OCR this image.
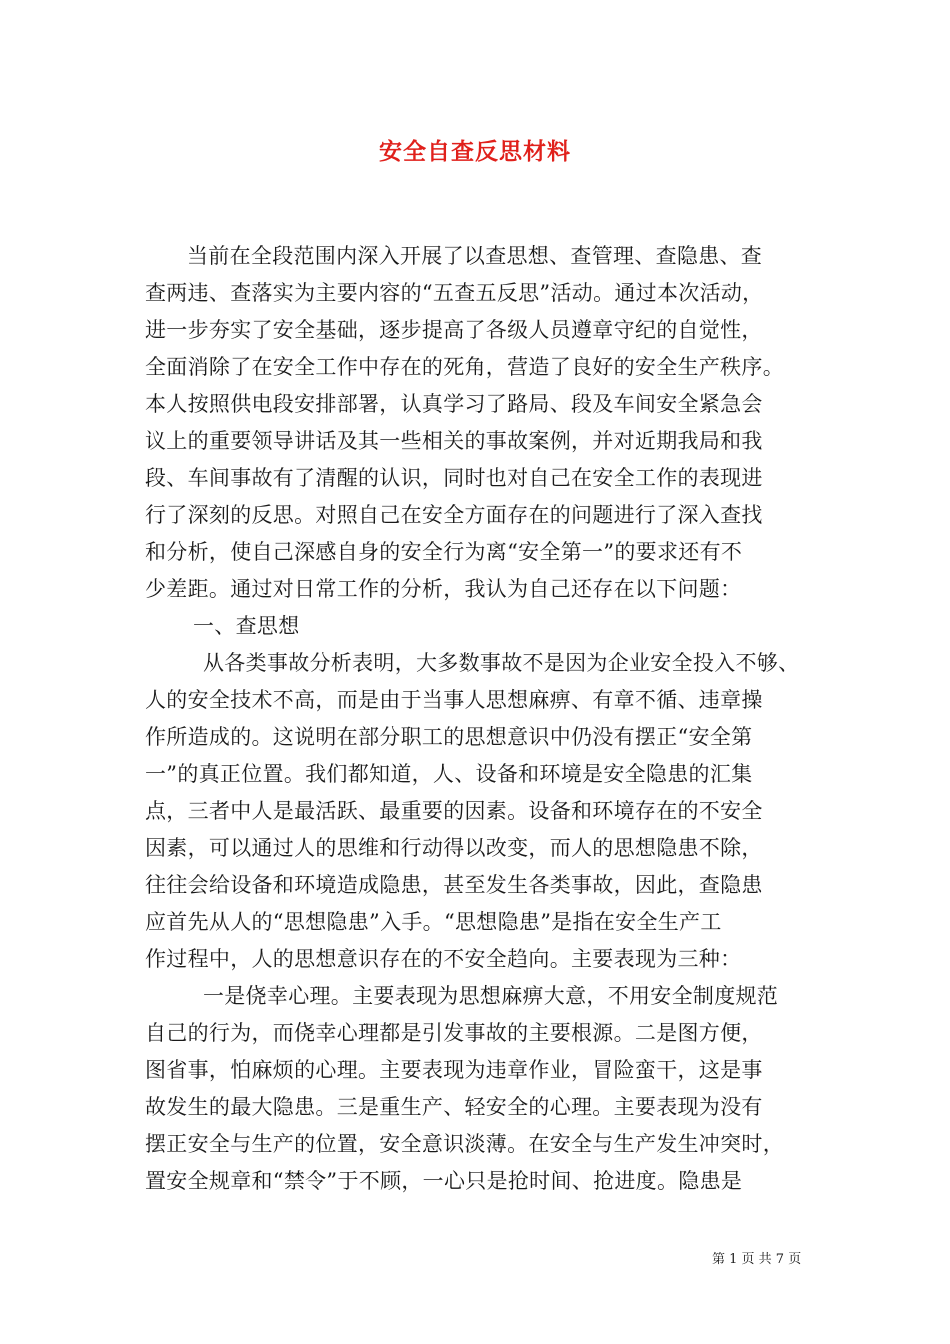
安全自查反思材料
当前在全段范围内深入开展了以查思想、查管理、查隐患、查
查两违、查落实为主要内容的“五查五反思”活动。通过本次活动，
进一步夯实了安全基础，逐步提高了各级人员遵章守纪的自觉性，
全面消除了在安全工作中存在的死角，营造了良好的安全生产秩序。
本人按照供电段安排部署，认真学习了路局、段及车间安全紧急会
议上的重要领导讲话及其一些相关的事故案例，并对近期我局和我
段、车间事故有了清醒的认识，同时也对自己在安全工作的表现进
行了深刻的反思。对照自己在安全方面存在的问题进行了深入查找
和分析，使自己深感自身的安全行为离“安全第一”的要求还有不
少差距。通过对日常工作的分析，我认为自己还存在以下问题：
一、查思想
从各类事故分析表明，大多数事故不是因为企业安全投入不够、
人的安全技术不高，而是由于当事人思想麻痹、有章不循、违章操
作所造成的。这说明在部分职工的思想意识中仍没有摆正“安全第
一”的真正位置。我们都知道，人、设备和环境是安全隐患的汇集
点，三者中人是最活跃、最重要的因素。设备和环境存在的不安全
因素，可以通过人的思维和行动得以改变，而人的思想隐患不除，
往往会给设备和环境造成隐患，甚至发生各类事故，因此，查隐患
应首先从人的“思想隐患”入手。“思想隐患”是指在安全生产工
作过程中，人的思想意识存在的不安全趋向。主要表现为三种：
一是侥幸心理。主要表现为思想麻痹大意，不用安全制度规范
自己的行为，而侥幸心理都是引发事故的主要根源。二是图方便，
图省事，怕麻烦的心理。主要表现为违章作业，冒险蛮干，这是事
故发生的最大隐患。三是重生产、轻安全的心理。主要表现为没有
摆正安全与生产的位置，安全意识淡薄。在安全与生产发生冲突时，
置安全规章和“禁令”于不顾，一心只是抢时间、抢进度。隐患是
第 1 页 共 7 页
